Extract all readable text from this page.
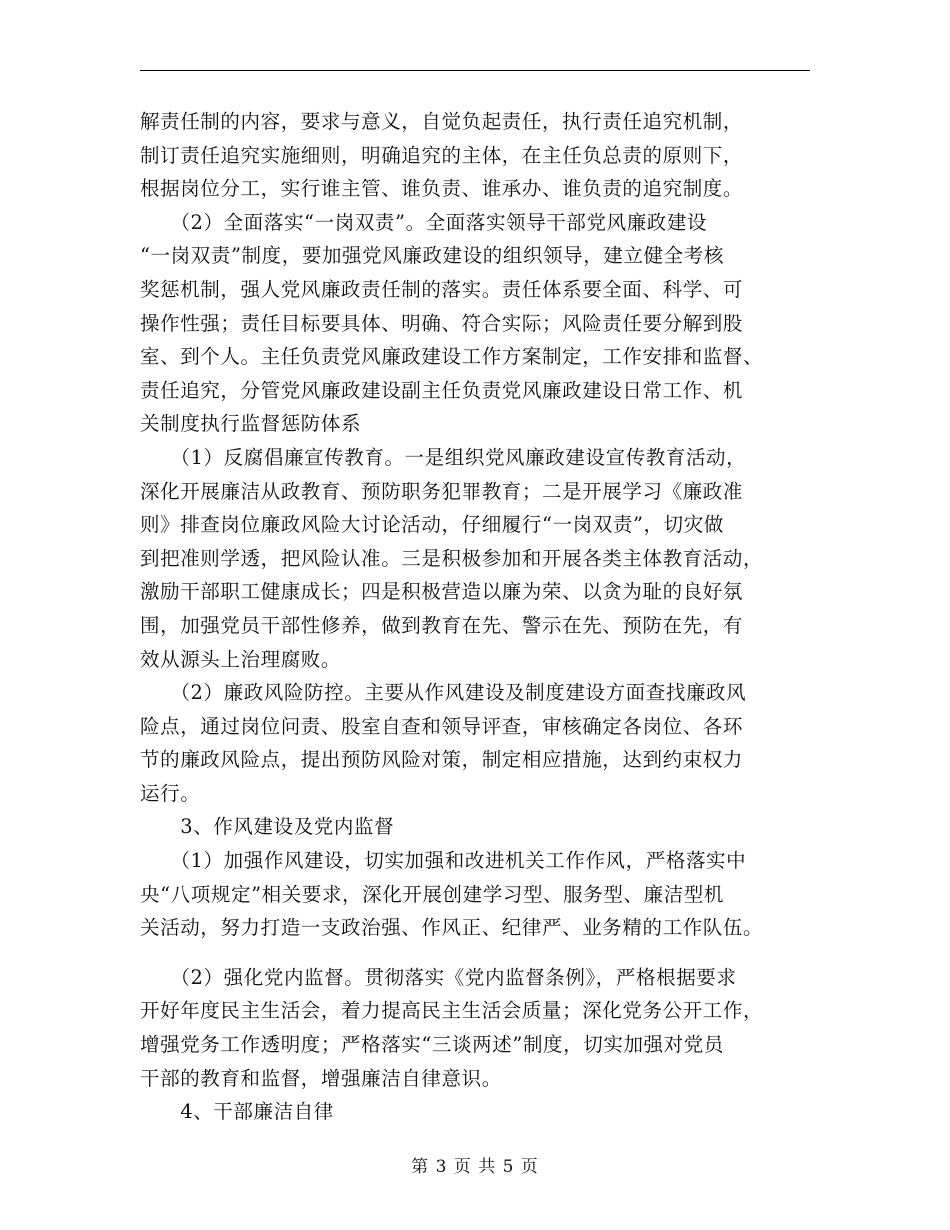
解责任制的内容，要求与意义，自觉负起责任，执行责任追究机制，
制订责任追究实施细则，明确追究的主体，在主任负总责的原则下，
根据岗位分工，实行谁主管、谁负责、谁承办、谁负责的追究制度。

　　（2）全面落实“一岗双责”。全面落实领导干部党风廉政建设
“一岗双责”制度，要加强党风廉政建设的组织领导，建立健全考核
奖惩机制，强人党风廉政责任制的落实。责任体系要全面、科学、可
操作性强；责任目标要具体、明确、符合实际；风险责任要分解到股
室、到个人。主任负责党风廉政建设工作方案制定，工作安排和监督、
责任追究，分管党风廉政建设副主任负责党风廉政建设日常工作、机
关制度执行监督惩防体系

　　（1）反腐倡廉宣传教育。一是组织党风廉政建设宣传教育活动，
深化开展廉洁从政教育、预防职务犯罪教育；二是开展学习《廉政准
则》排查岗位廉政风险大讨论活动，仔细履行“一岗双责”，切灾做
到把准则学透，把风险认准。三是积极参加和开展各类主体教育活动，
激励干部职工健康成长；四是积极营造以廉为荣、以贪为耻的良好氛
围，加强党员干部性修养，做到教育在先、警示在先、预防在先，有
效从源头上治理腐败。

　　（2）廉政风险防控。主要从作风建设及制度建设方面查找廉政风
险点，通过岗位问责、股室自查和领导评查，审核确定各岗位、各环
节的廉政风险点，提出预防风险对策，制定相应措施，达到约束权力
运行。

　　3、作风建设及党内监督

　　（1）加强作风建设，切实加强和改进机关工作作风，严格落实中
央“八项规定”相关要求，深化开展创建学习型、服务型、廉洁型机
关活动，努力打造一支政治强、作风正、纪律严、业务精的工作队伍。

　　（2）强化党内监督。贯彻落实《党内监督条例》，严格根据要求
开好年度民主生活会，着力提高民主生活会质量；深化党务公开工作，
增强党务工作透明度；严格落实“三谈两述”制度，切实加强对党员
干部的教育和监督，增强廉洁自律意识。

　　4、干部廉洁自律

第 3 页 共 5 页
